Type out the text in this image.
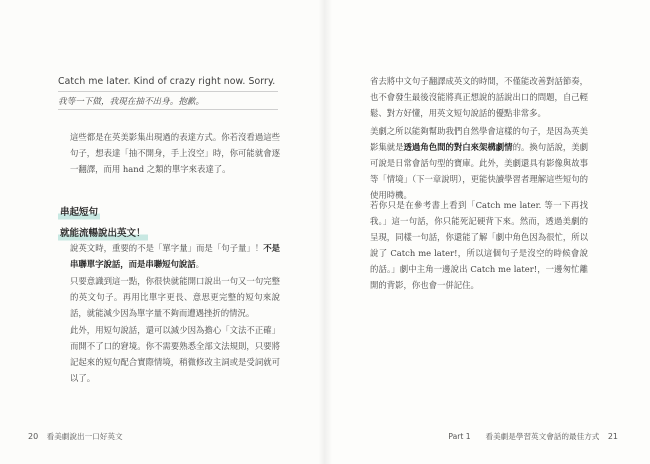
Catch me later. Kind of crazy right now. Sorry.
我等一下做，我現在抽不出身。抱歉。

這些都是在英美影集出現過的表達方式。你若沒看過這些句子，想表達「抽不開身，手上沒空」時，你可能就會逐一翻譯，而用 hand 之類的單字來表達了。

串起短句
就能流暢說出英文！

說英文時，重要的不是「單字量」而是「句子量」！不是串聯單字說話，而是串聯短句說話。

只要意識到這一點，你很快就能開口說出一句又一句完整的英文句子。再用比單字更長、意思更完整的短句來說話，就能減少因為單字量不夠而遭遇挫折的情況。

此外，用短句說話，還可以減少因為擔心「文法不正確」而開不了口的窘境。你不需要熟悉全部文法規則，只要將記起來的短句配合實際情境，稍微修改主詞或是受詞就可以了。

20 看美劇說出一口好英文

省去將中文句子翻譯成英文的時間，不僅能改善對話節奏，也不會發生最後沒能將真正想說的話說出口的問題，自己輕鬆、對方好懂，用英文短句說話的優點非常多。

美劇之所以能夠幫助我們自然學會這樣的句子，是因為英美影集就是透過角色間的對白來架構劇情的。換句話說，美劇可說是日常會話句型的寶庫。此外，美劇還具有影像與故事等「情境」（下一章說明），更能快讀學習者理解這些短句的使用時機。

若你只是在參考書上看到「Catch me later. 等一下再找我。」這一句話，你只能死記硬背下來。然而，透過美劇的呈現，同樣一句話，你還能了解「劇中角色因為很忙，所以說了 Catch me later!，所以這個句子是沒空的時候會說的話。」劇中主角一邊說出 Catch me later!，一邊匆忙離開的背影，你也會一併記住。

Part 1 看美劇是學習英文會話的最佳方式 21
